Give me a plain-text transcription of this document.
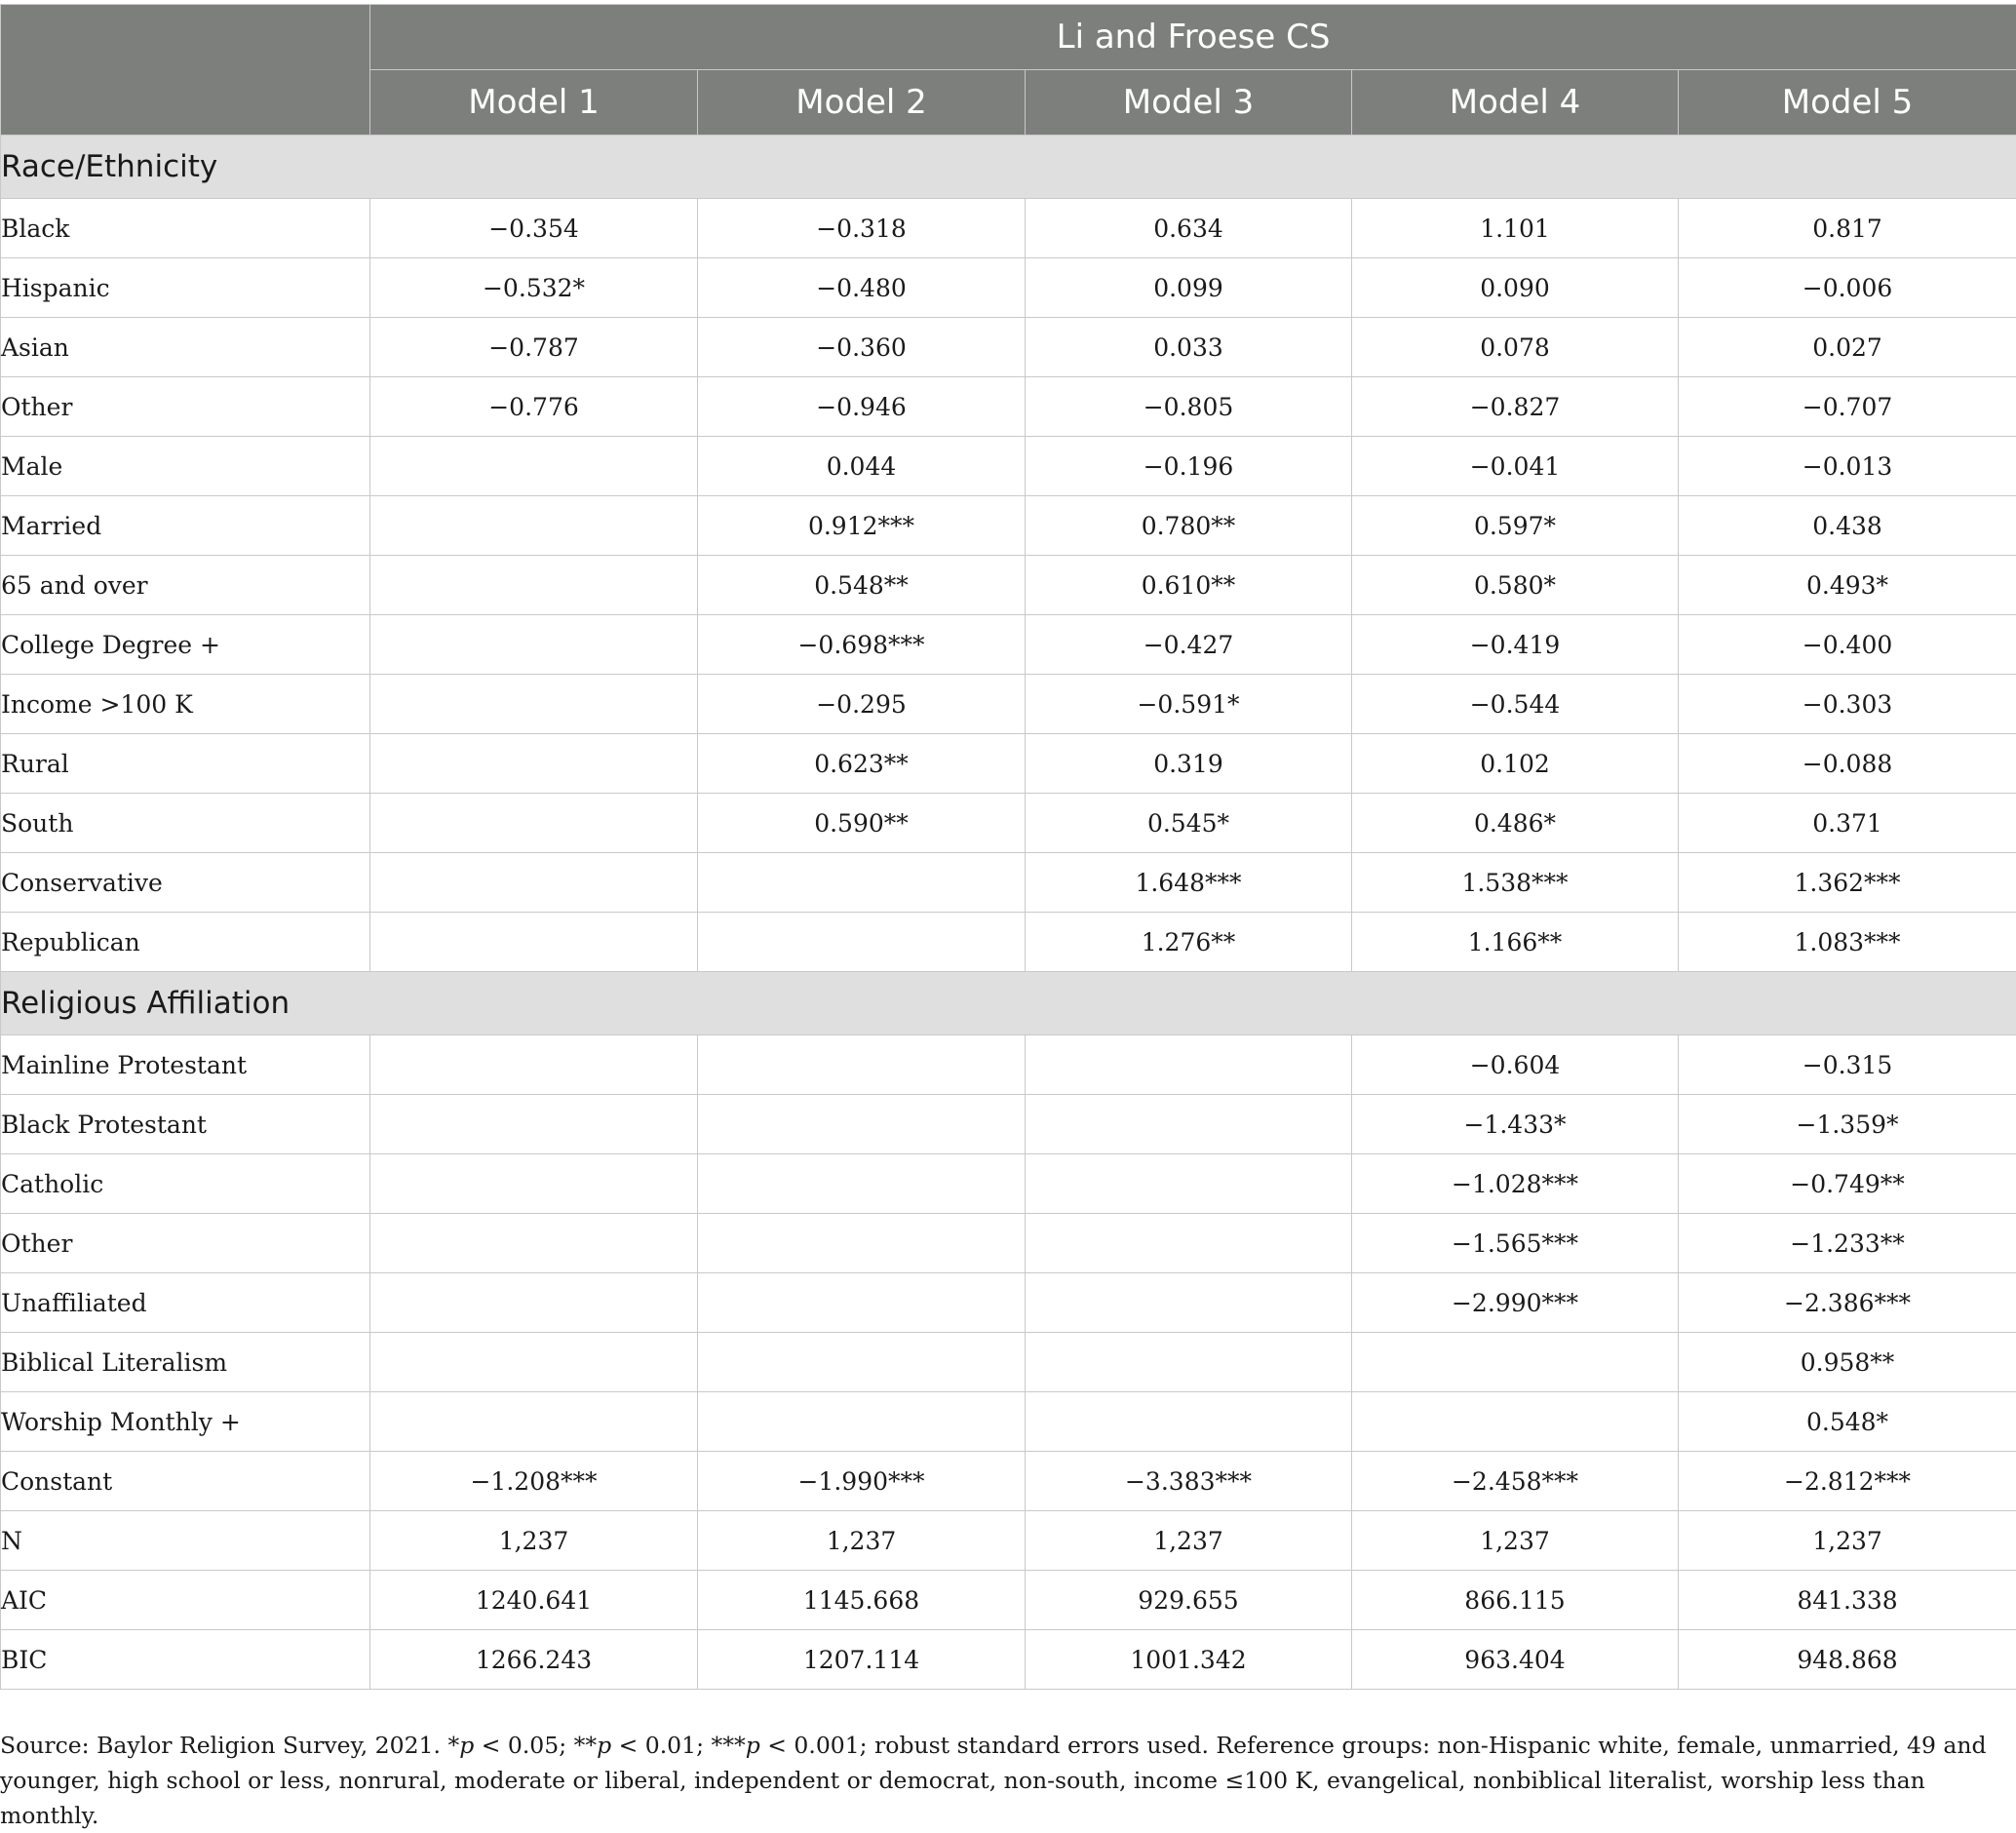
	Li and Froese CS				
	Model 1	Model 2	Model 3	Model 4	Model 5
Race/Ethnicity					
Black	−0.354	−0.318	0.634	1.101	0.817
Hispanic	−0.532*	−0.480	0.099	0.090	−0.006
Asian	−0.787	−0.360	0.033	0.078	0.027
Other	−0.776	−0.946	−0.805	−0.827	−0.707
Male		0.044	−0.196	−0.041	−0.013
Married		0.912***	0.780**	0.597*	0.438
65 and over		0.548**	0.610**	0.580*	0.493*
College Degree +		−0.698***	−0.427	−0.419	−0.400
Income >100 K		−0.295	−0.591*	−0.544	−0.303
Rural		0.623**	0.319	0.102	−0.088
South		0.590**	0.545*	0.486*	0.371
Conservative			1.648***	1.538***	1.362***
Republican			1.276**	1.166**	1.083***
Religious Affiliation					
Mainline Protestant				−0.604	−0.315
Black Protestant				−1.433*	−1.359*
Catholic				−1.028***	−0.749**
Other				−1.565***	−1.233**
Unaffiliated				−2.990***	−2.386***
Biblical Literalism					0.958**
Worship Monthly +					0.548*
Constant	−1.208***	−1.990***	−3.383***	−2.458***	−2.812***
N	1,237	1,237	1,237	1,237	1,237
AIC	1240.641	1145.668	929.655	866.115	841.338
BIC	1266.243	1207.114	1001.342	963.404	948.868
Source: Baylor Religion Survey, 2021. *p < 0.05; **p < 0.01; ***p < 0.001; robust standard errors used. Reference groups: non-Hispanic white, female, unmarried, 49 and younger, high school or less, nonrural, moderate or liberal, independent or democrat, non-south, income ≤100 K, evangelical, nonbiblical literalist, worship less than monthly.
